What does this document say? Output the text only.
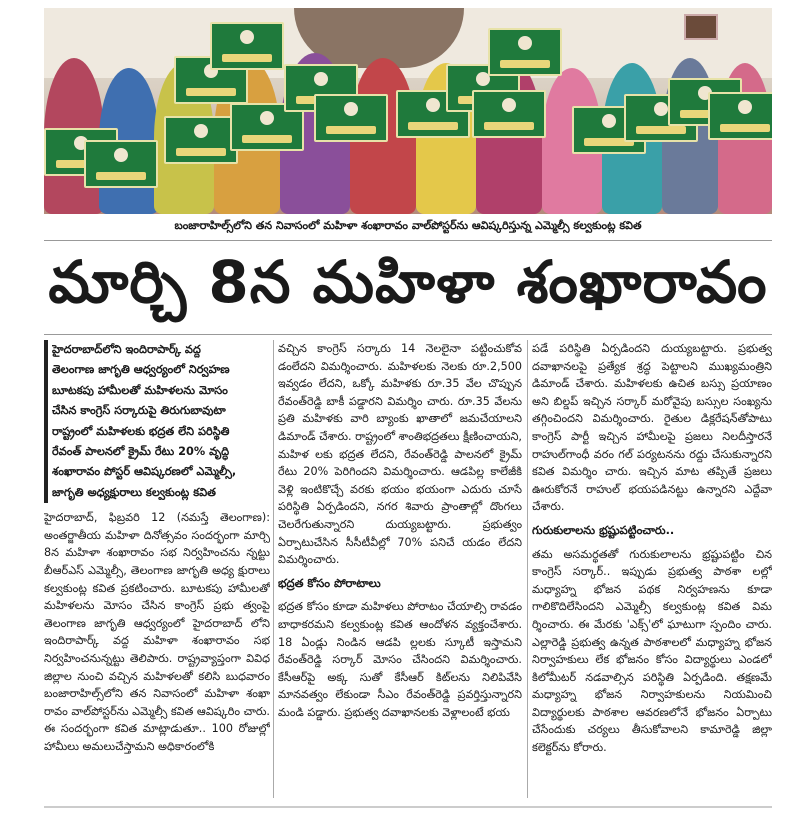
బంజారాహిల్స్‌లోని తన నివాసంలో మహిళా శంఖారావం వాల్‌పోస్టర్‌ను ఆవిష్కరిస్తున్న ఎమ్మెల్సీ కల్వకుంట్ల కవిత
మార్చి 8న మహిళా శంఖారావం
హైదరాబాద్‌లోని ఇందిరాపార్క్ వద్ద
తెలంగాణ జాగృతి ఆధ్వర్యంలో నిర్వహణ
బూటకపు హామీలతో మహిళలను మోసం
చేసిన కాంగ్రెస్ సర్కారుపై తిరుగుబావుటా
రాష్ట్రంలో మహిళలకు భద్రత లేని పరిస్థితి
రేవంత్ పాలనలో క్రైమ్ రేటు 20% వృద్ధి
శంఖారావం పోస్టర్ ఆవిష్కరణలో ఎమ్మెల్సీ,
జాగృతి అధ్యక్షురాలు కల్వకుంట్ల కవిత

హైదరాబాద్, ఫిబ్రవరి 12 (నమస్తే తెలంగాణ): అంతర్జాతీయ మహిళా దినోత్సవం సందర్భంగా మార్చి 8న మహిళా శంఖారావం సభ నిర్వహించను న్నట్టు బీఆర్‌ఎస్ ఎమ్మెల్సీ, తెలంగాణ జాగృతి అధ్య క్షురాలు కల్వకుంట్ల కవిత ప్రకటించారు. బూటకపు హామీలతో మహిళలను మోసం చేసిన కాంగ్రెస్ ప్రభు త్వంపై తెలంగాణ జాగృతి ఆధ్వర్యంలో హైదరాబాద్ లోని ఇందిరాపార్క్ వద్ద మహిళా శంఖారావం సభ నిర్వహించనున్నట్టు తెలిపారు. రాష్ట్రవ్యాప్తంగా వివిధ జిల్లాల నుంచి వచ్చిన మహిళలతో కలిసి బుధవారం బంజారాహిల్స్‌లోని తన నివాసంలో మహిళా శంఖా రావం వాల్‌పోస్టర్‌ను ఎమ్మెల్సీ కవిత ఆవిష్కరిం చారు. ఈ సందర్భంగా కవిత మాట్లాడుతూ.. 100 రోజుల్లో హామీలు అమలుచేస్తామని అధికారంలోకి

వచ్చిన కాంగ్రెస్ సర్కారు 14 నెలలైనా పట్టించుకోవ డంలేదని విమర్శించారు. మహిళలకు నెలకు రూ.2,500 ఇవ్వడం లేదని, ఒక్కో మహిళకు రూ.35 వేల చొప్పున రేవంత్‌రెడ్డి బాకీ పడ్డారని విమర్శిం చారు. రూ.35 వేలను ప్రతి మహిళకు వారి బ్యాంకు ఖాతాలో జమచేయాలని డిమాండ్ చేశారు. రాష్ట్రంలో శాంతిభద్రతలు క్షీణించాయని, మహిళ లకు భద్రత లేదని, రేవంత్‌రెడ్డి పాలనలో క్రైమ్ రేటు 20% పెరిగిందని విమర్శించారు. ఆడపిల్ల కాలేజీకి వెళ్లి ఇంటికొచ్చే వరకు భయం భయంగా ఎదురు చూసే పరిస్థితి ఏర్పడిందని, నగర శివారు ప్రాంతాల్లో దొంగలు చెలరేగుతున్నారని దుయ్యబట్టారు. ప్రభుత్వం ఏర్పాటుచేసిన సీసీటీవీల్లో 70% పనిచే యడం లేదని విమర్శించారు.

భద్రత కోసం పోరాటాలు

భద్రత కోసం కూడా మహిళలు పోరాటం చేయాల్సి రావడం బాధాకరమని కల్వకుంట్ల కవిత ఆందోళన వ్యక్తంచేశారు. 18 ఏండ్లు నిండిన ఆడపి ల్లలకు స్కూటీ ఇస్తామని రేవంత్‌రెడ్డి సర్కార్ మోసం చేసిందని విమర్శించారు. కేసీఆర్‌పై అక్క సుతో కేసీఆర్ కిట్‌లను నిలిపివేసి మానవత్వం లేకుండా సీఎం రేవంత్‌రెడ్డి ప్రవర్తిస్తున్నారని మండి పడ్డారు. ప్రభుత్వ దవాఖానలకు వెళ్లాలంటే భయ

పడే పరిస్థితి ఏర్పడిందని దుయ్యబట్టారు. ప్రభుత్వ దవాఖానలపై ప్రత్యేక శ్రద్ధ పెట్టాలని ముఖ్యమంత్రిని డిమాండ్ చేశారు. మహిళలకు ఉచిత బస్సు ప్రయాణం అని బిల్డప్ ఇచ్చిన సర్కార్ మరోవైపు బస్సుల సంఖ్యను తగ్గించిందని విమర్శించారు. రైతుల డిక్లరేషన్‌తోపాటు కాంగ్రెస్ పార్టీ ఇచ్చిన హామీలపై ప్రజలు నిలదీస్తారనే రాహుల్‌గాంధీ వరం గల్ పర్యటనను రద్దు చేసుకున్నారని కవిత విమర్శిం చారు. ఇచ్చిన మాట తప్పితే ప్రజలు ఊరుకోరనే రాహుల్ భయపడినట్టు ఉన్నారని ఎద్దేవా చేశారు.

గురుకులాలను భ్రష్టుపట్టించారు..

తమ అసమర్థతతో గురుకులాలను భ్రష్టుపట్టిం చిన కాంగ్రెస్ సర్కార్.. ఇప్పుడు ప్రభుత్వ పాఠశా లల్లో మధ్యాహ్న భోజన పథక నిర్వహణను కూడా గాలికొదిలేసిందని ఎమ్మెల్సీ కల్వకుంట్ల కవిత విమ ర్శించారు. ఈ మేరకు 'ఎక్స్'లో ఘాటుగా స్పందిం చారు. ఎల్లారెడ్డి ప్రభుత్వ ఉన్నత పాఠశాలలో మధ్యాహ్న భోజన నిర్వాహకులు లేక భోజనం కోసం విద్యార్థులు ఎండలో కిలోమీటర్ నడవాల్సిన పరిస్థితి ఏర్పడింది. తక్షణమే మధ్యాహ్న భోజన నిర్వాహకులను నియమించి విద్యార్థులకు పాఠశాల ఆవరణలోనే భోజనం ఏర్పాటు చేసేందుకు చర్యలు తీసుకోవాలని కామారెడ్డి జిల్లా కలెక్టర్‌ను కోరారు.
